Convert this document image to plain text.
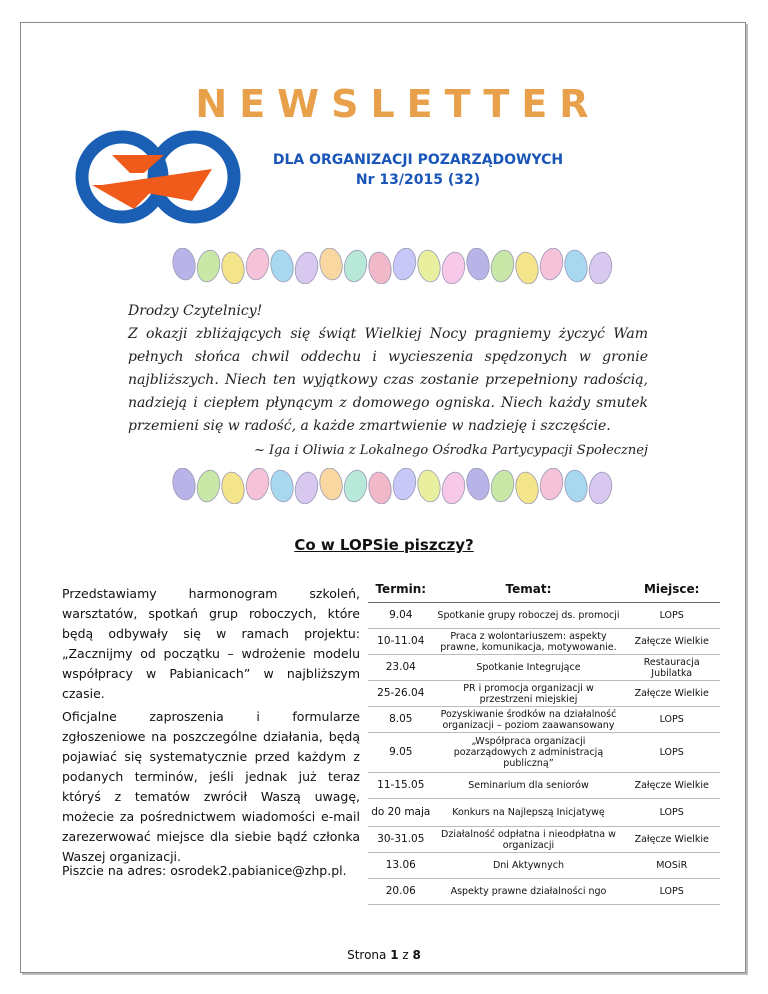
NEWSLETTER
DLA ORGANIZACJI POZARZĄDOWYCH
Nr 13/2015 (32)

Drodzy Czytelnicy!

Z okazji zbliżających się świąt Wielkiej Nocy pragniemy życzyć Wam pełnych słońca chwil oddechu i wycieszenia spędzonych w gronie najbliższych. Niech ten wyjątkowy czas zostanie przepełniony radością, nadzieją i ciepłem płynącym z domowego ogniska. Niech każdy smutek przemieni się w radość, a każde zmartwienie w nadzieję i szczęście.

~ Iga i Oliwia z Lokalnego Ośrodka Partycypacji Społecznej
Co w LOPSie piszczy?
Przedstawiamy harmonogram szkoleń, warsztatów, spotkań grup roboczych, które będą odbywały się w ramach projektu: „Zacznijmy od początku – wdrożenie modelu współpracy w Pabianicach” w najbliższym czasie.
Oficjalne zaproszenia i formularze zgłoszeniowe na poszczególne działania, będą pojawiać się systematycznie przed każdym z podanych terminów, jeśli jednak już teraz któryś z tematów zwrócił Waszą uwagę, możecie za pośrednictwem wiadomości e-mail zarezerwować miejsce dla siebie bądź członka Waszej organizacji.
Piszcie na adres: osrodek2.pabianice@zhp.pl.
Termin:	Temat:	Miejsce:
9.04	Spotkanie grupy roboczej ds. promocji	LOPS
10-11.04	Praca z wolontariuszem: aspekty prawne, komunikacja, motywowanie.	Załęcze Wielkie
23.04	Spotkanie Integrujące	Restauracja Jubilatka
25-26.04	PR i promocja organizacji w przestrzeni miejskiej	Załęcze Wielkie
8.05	Pozyskiwanie środków na działalność organizacji – poziom zaawansowany	LOPS
9.05	„Współpraca organizacji pozarządowych z administracją publiczną”	LOPS
11-15.05	Seminarium dla seniorów	Załęcze Wielkie
do 20 maja	Konkurs na Najlepszą Inicjatywę	LOPS
30-31.05	Działalność odpłatna i nieodpłatna w organizacji	Załęcze Wielkie
13.06	Dni Aktywnych	MOSiR
20.06	Aspekty prawne działalności ngo	LOPS
Strona 1 z 8
